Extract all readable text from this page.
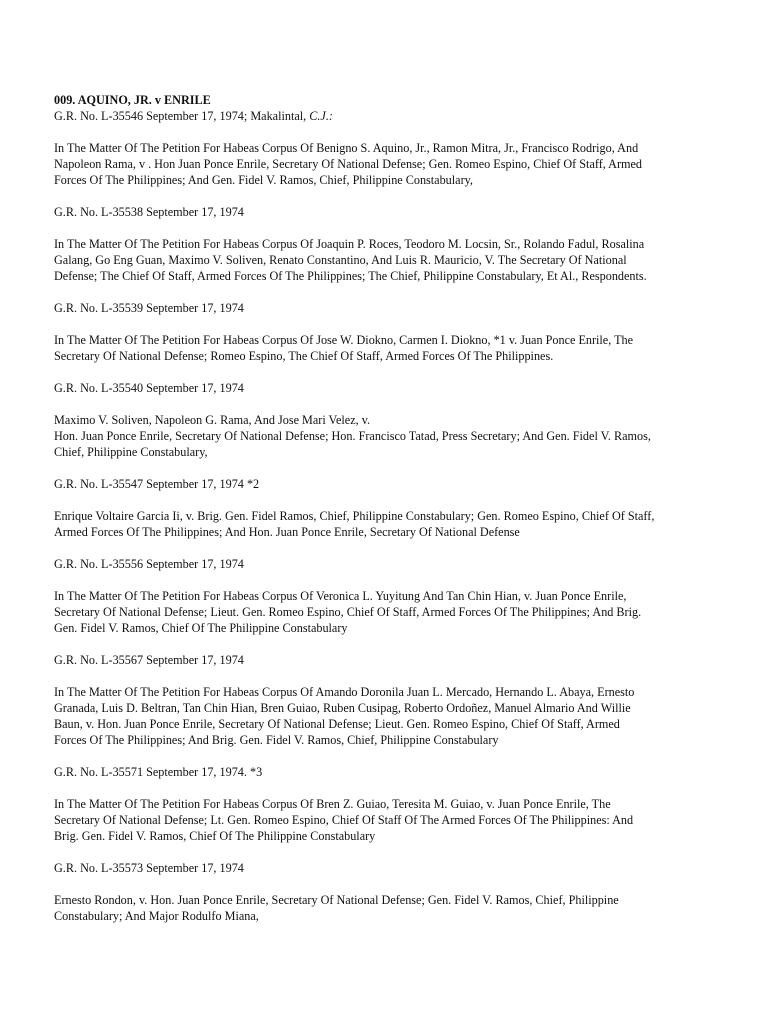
009. AQUINO, JR. v ENRILE

G.R. No. L-35546 September 17, 1974; Makalintal, C.J.:

In The Matter Of The Petition For Habeas Corpus Of Benigno S. Aquino, Jr., Ramon Mitra, Jr., Francisco Rodrigo, And
Napoleon Rama, v . Hon Juan Ponce Enrile, Secretary Of National Defense; Gen. Romeo Espino, Chief Of Staff, Armed
Forces Of The Philippines; And Gen. Fidel V. Ramos, Chief, Philippine Constabulary,

G.R. No. L-35538 September 17, 1974

In The Matter Of The Petition For Habeas Corpus Of Joaquin P. Roces, Teodoro M. Locsin, Sr., Rolando Fadul, Rosalina
Galang, Go Eng Guan, Maximo V. Soliven, Renato Constantino, And Luis R. Mauricio, V. The Secretary Of National
Defense; The Chief Of Staff, Armed Forces Of The Philippines; The Chief, Philippine Constabulary, Et Al., Respondents.

G.R. No. L-35539 September 17, 1974

In The Matter Of The Petition For Habeas Corpus Of Jose W. Diokno, Carmen I. Diokno, *1 v. Juan Ponce Enrile, The
Secretary Of National Defense; Romeo Espino, The Chief Of Staff, Armed Forces Of The Philippines.

G.R. No. L-35540 September 17, 1974

Maximo V. Soliven, Napoleon G. Rama, And Jose Mari Velez, v.
Hon. Juan Ponce Enrile, Secretary Of National Defense; Hon. Francisco Tatad, Press Secretary; And Gen. Fidel V. Ramos,
Chief, Philippine Constabulary,

G.R. No. L-35547 September 17, 1974 *2

Enrique Voltaire Garcia Ii, v. Brig. Gen. Fidel Ramos, Chief, Philippine Constabulary; Gen. Romeo Espino, Chief Of Staff,
Armed Forces Of The Philippines; And Hon. Juan Ponce Enrile, Secretary Of National Defense

G.R. No. L-35556 September 17, 1974

In The Matter Of The Petition For Habeas Corpus Of Veronica L. Yuyitung And Tan Chin Hian, v. Juan Ponce Enrile,
Secretary Of National Defense; Lieut. Gen. Romeo Espino, Chief Of Staff, Armed Forces Of The Philippines; And Brig.
Gen. Fidel V. Ramos, Chief Of The Philippine Constabulary

G.R. No. L-35567 September 17, 1974

In The Matter Of The Petition For Habeas Corpus Of Amando Doronila Juan L. Mercado, Hernando L. Abaya, Ernesto
Granada, Luis D. Beltran, Tan Chin Hian, Bren Guiao, Ruben Cusipag, Roberto Ordoñez, Manuel Almario And Willie
Baun, v. Hon. Juan Ponce Enrile, Secretary Of National Defense; Lieut. Gen. Romeo Espino, Chief Of Staff, Armed
Forces Of The Philippines; And Brig. Gen. Fidel V. Ramos, Chief, Philippine Constabulary

G.R. No. L-35571 September 17, 1974. *3

In The Matter Of The Petition For Habeas Corpus Of Bren Z. Guiao, Teresita M. Guiao, v. Juan Ponce Enrile, The
Secretary Of National Defense; Lt. Gen. Romeo Espino, Chief Of Staff Of The Armed Forces Of The Philippines: And
Brig. Gen. Fidel V. Ramos, Chief Of The Philippine Constabulary

G.R. No. L-35573 September 17, 1974

Ernesto Rondon, v. Hon. Juan Ponce Enrile, Secretary Of National Defense; Gen. Fidel V. Ramos, Chief, Philippine
Constabulary; And Major Rodulfo Miana,
